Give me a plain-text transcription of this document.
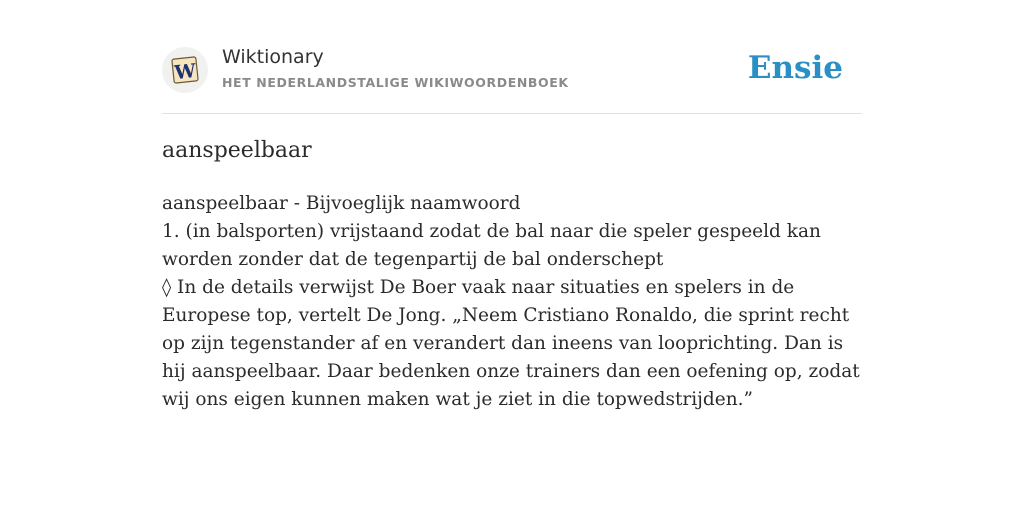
W
Wiktionary
HET NEDERLANDSTALIGE WIKIWOORDENBOEK	Ensie
aanspeelbaar
aanspeelbaar - Bijvoeglijk naamwoord
1. (in balsporten) vrijstaand zodat de bal naar die speler gespeeld kan worden zonder dat de tegenpartij de bal onderschept
◊ In de details verwijst De Boer vaak naar situaties en spelers in de Europese top, vertelt De Jong. „Neem Cristiano Ronaldo, die sprint recht op zijn tegenstander af en verandert dan ineens van looprichting. Dan is hij aanspeelbaar. Daar bedenken onze trainers dan een oefening op, zodat wij ons eigen kunnen maken wat je ziet in die topwedstrijden.”
